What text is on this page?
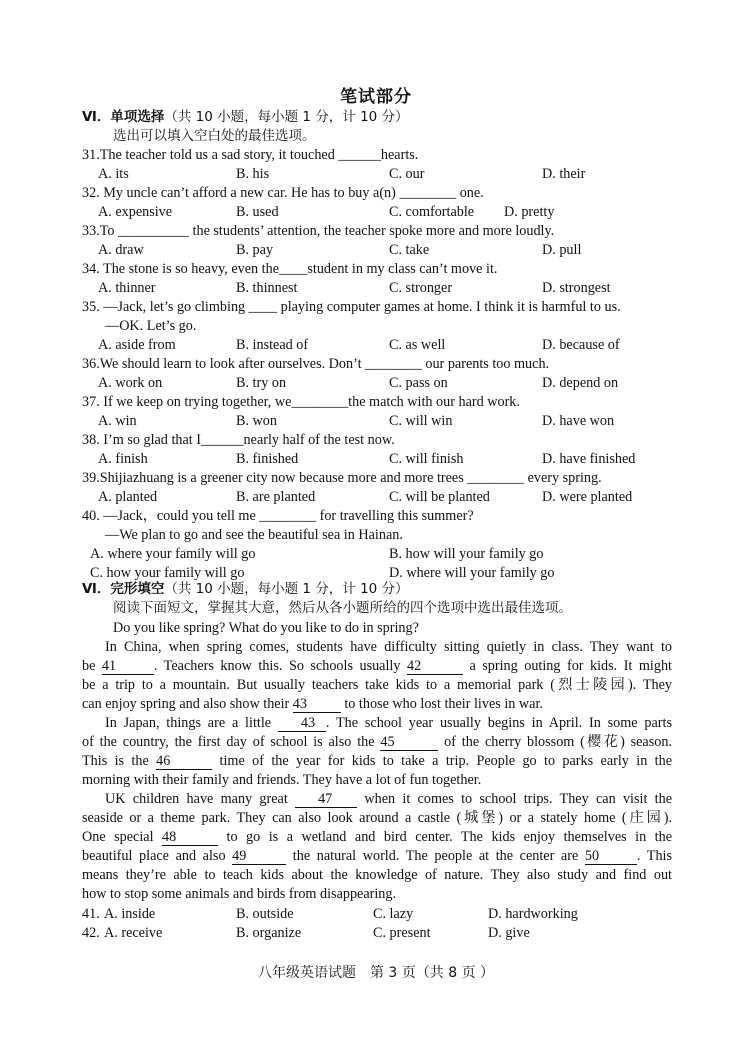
笔试部分
Ⅵ．单项选择（共 10 小题，每小题 1 分，计 10 分）
选出可以填入空白处的最佳选项。
31.The teacher told us a sad story, it touched ______hearts.
A. its	B. his	C. our	D. their
32. My uncle can’t afford a new car. He has to buy a(n) ________ one.
A. expensive	B. used	C. comfortable D. pretty
33.To __________ the students’ attention, the teacher spoke more and more loudly.
A. draw	B. pay	C. take	D. pull
34. The stone is so heavy, even the____student in my class can’t move it.
A. thinner	B. thinnest	C. stronger	D. strongest
35. —Jack, let’s go climbing ____ playing computer games at home. I think it is harmful to us.
—OK. Let’s go.
A. aside from	B. instead of	C. as well	D. because of
36.We should learn to look after ourselves. Don’t ________ our parents too much.
A. work on	B. try on	C. pass on	D. depend on
37. If we keep on trying together, we________the match with our hard work.
A. win	B. won	C. will win	D. have won
38. I’m so glad that I______nearly half of the test now.
A. finish	B. finished	C. will finish	D. have finished
39.Shijiazhuang is a greener city now because more and more trees ________ every spring.
A. planted	B. are planted	C. will be planted	D. were planted
40. —Jack，could you tell me ________ for travelling this summer?
—We plan to go and see the beautiful sea in Hainan.
A. where your family will go	B. how will your family go
C. how your family will go	D. where will your family go
Ⅵ．完形填空（共 10 小题，每小题 1 分，计 10 分）
阅读下面短文，掌握其大意，然后从各小题所给的四个选项中选出最佳选项。
Do you like spring? What do you like to do in spring?
In China, when spring comes, students have difficulty sitting quietly in class. They want to
be 41	. Teachers know this. So schools usually 42	a spring outing for kids. It might
be a trip to a mountain. But usually teachers take kids to a memorial park (烈士陵园). They
can enjoy spring and also show their 43 to those who lost their lives in war.
In Japan, things are a little 43 . The school year usually begins in April. In some parts
of the country, the first day of school is also the 45	of the cherry blossom (樱花) season.
This is the 46	time of the year for kids to take a trip. People go to parks early in the
morning with their family and friends. They have a lot of fun together.
UK children have many great 47 when it comes to school trips. They can visit the
seaside or a theme park. They can also look around a castle (城堡) or a stately home (庄园).
One special 48	to go is a wetland and bird center. The kids enjoy themselves in the
beautiful place and also 49	the natural world. The people at the center are 50	. This
means they’re able to teach kids about the knowledge of nature. They also study and find out
how to stop some animals and birds from disappearing.
41. A. inside	B. outside	C. lazy	D. hardworking
42. A. receive	B. organize	C. present	D. give
八年级英语试题　第 3 页（共 8 页 ）
